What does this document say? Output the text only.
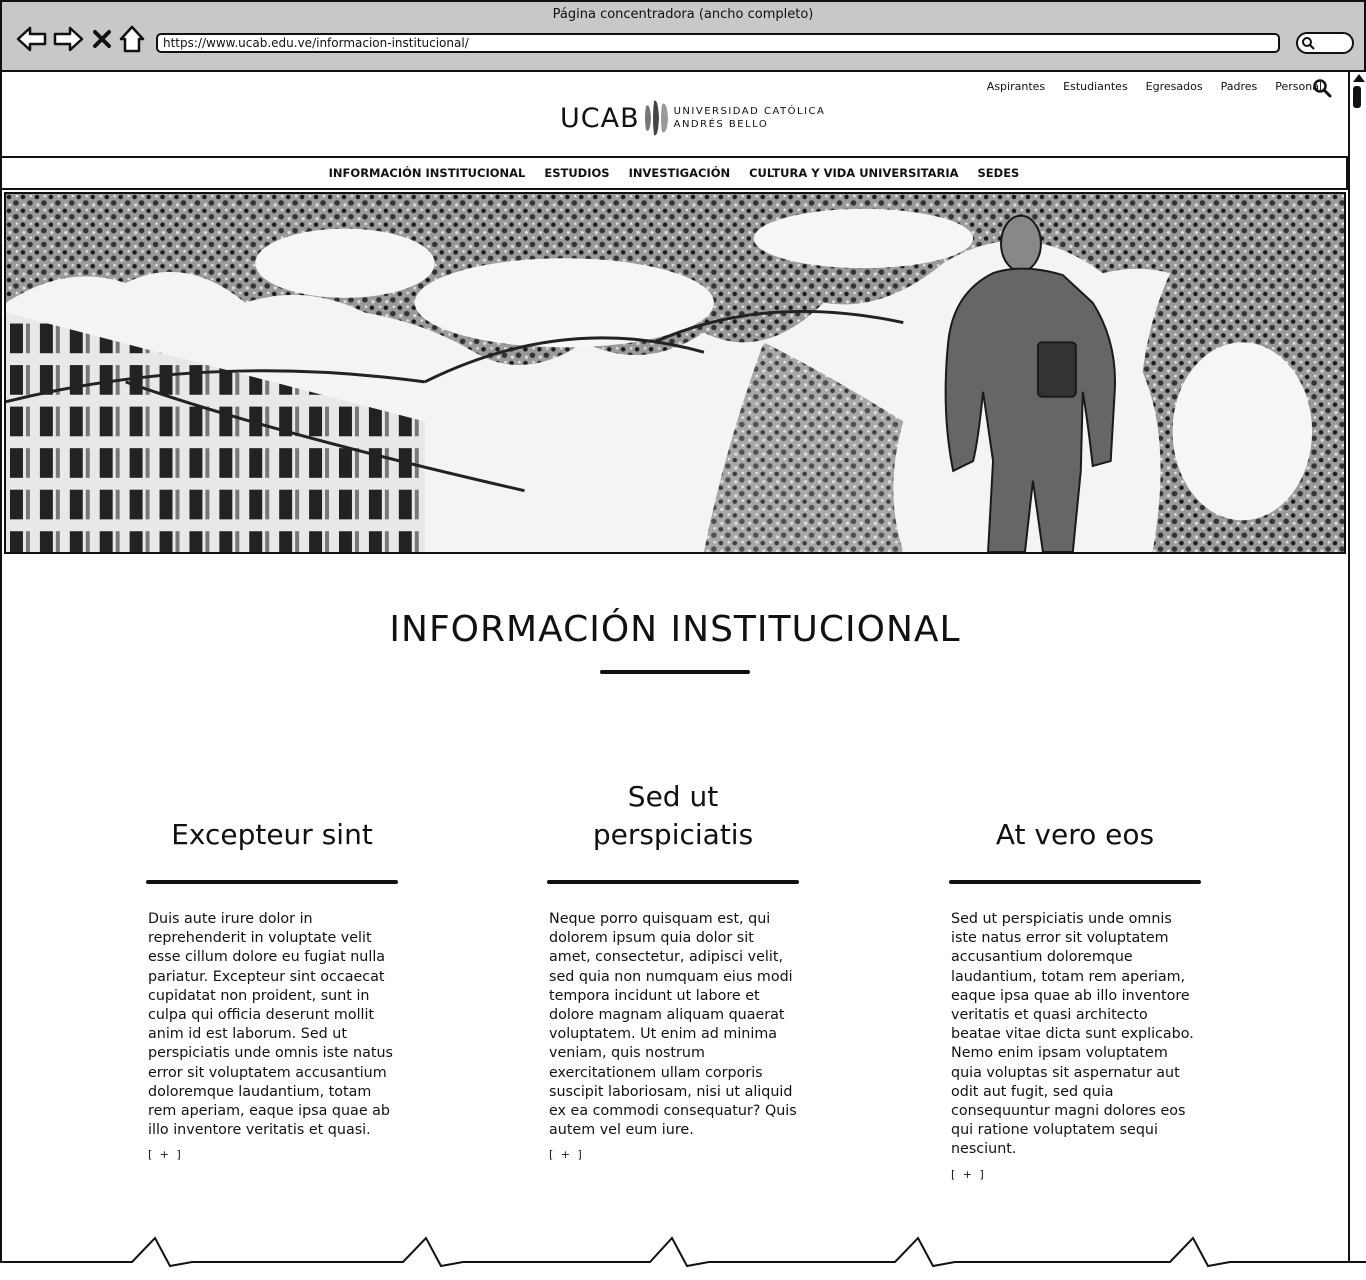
Página concentradora (ancho completo)
https://www.ucab.edu.ve/informacion-institucional/
Aspirantes Estudiantes Egresados Padres Personal
UCAB	UNIVERSIDAD CATÓLICA
ANDRÉS BELLO
INFORMACIÓN INSTITUCIONAL ESTUDIOS INVESTIGACIÓN CULTURA Y VIDA UNIVERSITARIA SEDES
INFORMACIÓN INSTITUCIONAL
Excepteur sint
Duis aute irure dolor in reprehenderit in voluptate velit esse cillum dolore eu fugiat nulla pariatur. Excepteur sint occaecat cupidatat non proident, sunt in culpa qui officia deserunt mollit anim id est laborum. Sed ut perspiciatis unde omnis iste natus error sit voluptatem accusantium doloremque laudantium, totam rem aperiam, eaque ipsa quae ab illo inventore veritatis et quasi.
[ + ]
Sed ut perspiciatis
Neque porro quisquam est, qui dolorem ipsum quia dolor sit amet, consectetur, adipisci velit, sed quia non numquam eius modi tempora incidunt ut labore et dolore magnam aliquam quaerat voluptatem. Ut enim ad minima veniam, quis nostrum exercitationem ullam corporis suscipit laboriosam, nisi ut aliquid ex ea commodi consequatur? Quis autem vel eum iure.
[ + ]
At vero eos
Sed ut perspiciatis unde omnis iste natus error sit voluptatem accusantium doloremque laudantium, totam rem aperiam, eaque ipsa quae ab illo inventore veritatis et quasi architecto beatae vitae dicta sunt explicabo. Nemo enim ipsam voluptatem quia voluptas sit aspernatur aut odit aut fugit, sed quia consequuntur magni dolores eos qui ratione voluptatem sequi nesciunt.
[ + ]
